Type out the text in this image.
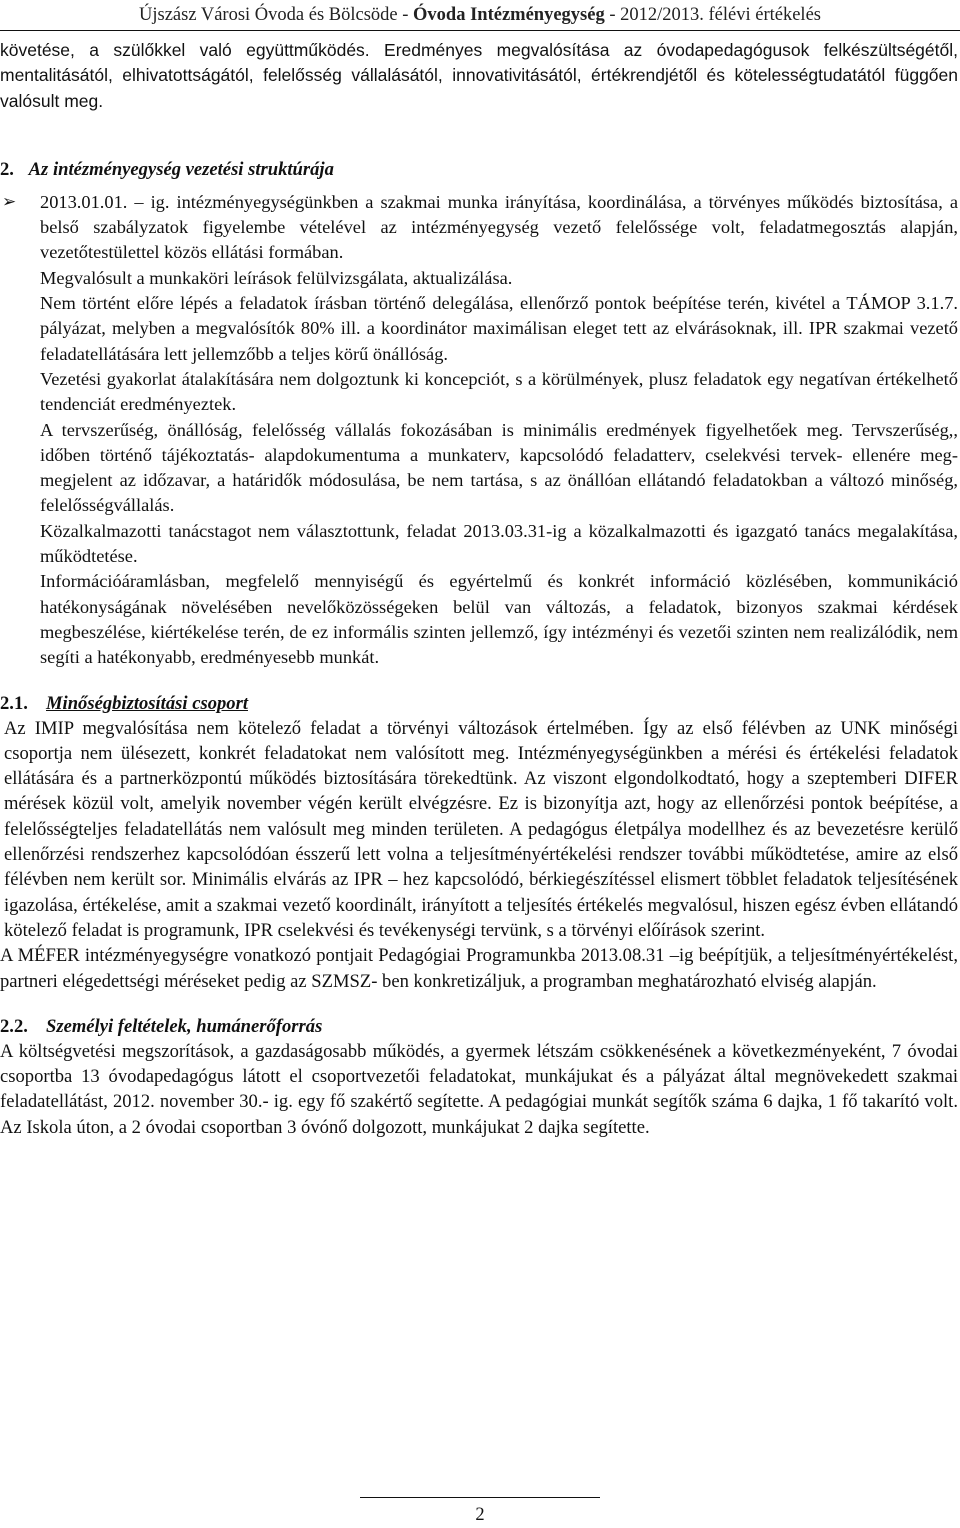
Újszász Városi Óvoda és Bölcsöde - Óvoda Intézményegység - 2012/2013. félévi értékelés

követése, a szülőkkel való együttműködés. Eredményes megvalósítása az óvodapedagógusok felkészültségétől, mentalitásától, elhivatottságától, felelősség vállalásától, innovativitásától, értékrendjétől és kötelességtudatától függően valósult meg.

2. Az intézményegység vezetési struktúrája
➢ 2013.01.01. – ig. intézményegységünkben a szakmai munka irányítása, koordinálása, a törvényes működés biztosítása, a belső szabályzatok figyelembe vételével az intézményegység vezető felelőssége volt, feladatmegosztás alapján, vezetőtestülettel közös ellátási formában.

Megvalósult a munkaköri leírások felülvizsgálata, aktualizálása.

Nem történt előre lépés a feladatok írásban történő delegálása, ellenőrző pontok beépítése terén, kivétel a TÁMOP 3.1.7. pályázat, melyben a megvalósítók 80% ill. a koordinátor maximálisan eleget tett az elvárásoknak, ill. IPR szakmai vezető feladatellátására lett jellemzőbb a teljes körű önállóság.

Vezetési gyakorlat átalakítására nem dolgoztunk ki koncepciót, s a körülmények, plusz feladatok egy negatívan értékelhető tendenciát eredményeztek.

A tervszerűség, önállóság, felelősség vállalás fokozásában is minimális eredmények figyelhetőek meg. Tervszerűség,, időben történő tájékoztatás- alapdokumentuma a munkaterv, kapcsolódó feladatterv, cselekvési tervek- ellenére meg-megjelent az időzavar, a határidők módosulása, be nem tartása, s az önállóan ellátandó feladatokban a változó minőség, felelősségvállalás.

Közalkalmazotti tanácstagot nem választottunk, feladat 2013.03.31-ig a közalkalmazotti és igazgató tanács megalakítása, működtetése.

Információáramlásban, megfelelő mennyiségű és egyértelmű és konkrét információ közlésében, kommunikáció hatékonyságának növelésében nevelőközösségeken belül van változás, a feladatok, bizonyos szakmai kérdések megbeszélése, kiértékelése terén, de ez informális szinten jellemző, így intézményi és vezetői szinten nem realizálódik, nem segíti a hatékonyabb, eredményesebb munkát.

2.1. Minőségbiztosítási csoport

Az IMIP megvalósítása nem kötelező feladat a törvényi változások értelmében. Így az első félévben az UNK minőségi csoportja nem ülésezett, konkrét feladatokat nem valósított meg. Intézményegységünkben a mérési és értékelési feladatok ellátására és a partnerközpontú működés biztosítására törekedtünk. Az viszont elgondolkodtató, hogy a szeptemberi DIFER mérések közül volt, amelyik november végén került elvégzésre. Ez is bizonyítja azt, hogy az ellenőrzési pontok beépítése, a felelősségteljes feladatellátás nem valósult meg minden területen. A pedagógus életpálya modellhez és az bevezetésre kerülő ellenőrzési rendszerhez kapcsolódóan ésszerű lett volna a teljesítményértékelési rendszer további működtetése, amire az első félévben nem került sor. Minimális elvárás az IPR – hez kapcsolódó, bérkiegészítéssel elismert többlet feladatok teljesítésének igazolása, értékelése, amit a szakmai vezető koordinált, irányított a teljesítés értékelés megvalósul, hiszen egész évben ellátandó kötelező feladat is programunk, IPR cselekvési és tevékenységi tervünk, s a törvényi előírások szerint.

A MÉFER intézményegységre vonatkozó pontjait Pedagógiai Programunkba 2013.08.31 –ig beépítjük, a teljesítményértékelést, partneri elégedettségi méréseket pedig az SZMSZ- ben konkretizáljuk, a programban meghatározható elviség alapján.

2.2. Személyi feltételek, humánerőforrás

A költségvetési megszorítások, a gazdaságosabb működés, a gyermek létszám csökkenésének a következményeként, 7 óvodai csoportba 13 óvodapedagógus látott el csoportvezetői feladatokat, munkájukat és a pályázat által megnövekedett szakmai feladatellátást, 2012. november 30.- ig. egy fő szakértő segítette. A pedagógiai munkát segítők száma 6 dajka, 1 fő takarító volt. Az Iskola úton, a 2 óvodai csoportban 3 óvónő dolgozott, munkájukat 2 dajka segítette.

2
